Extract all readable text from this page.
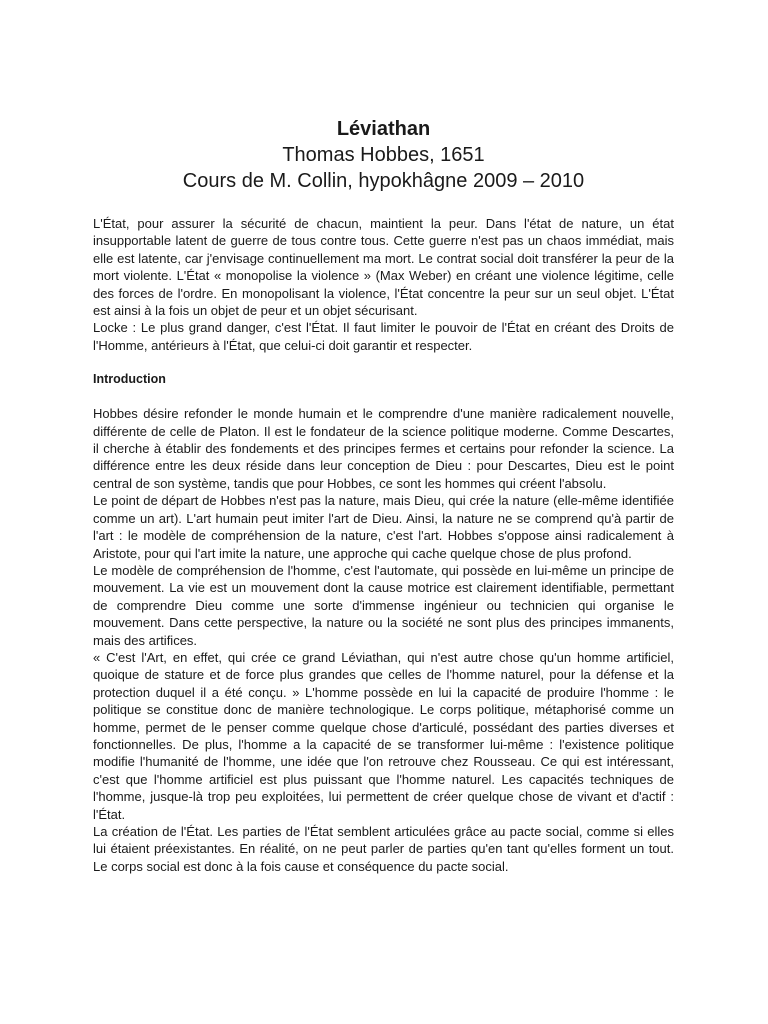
Léviathan
Thomas Hobbes, 1651
Cours de M. Collin, hypokhâgne 2009 – 2010

L'État, pour assurer la sécurité de chacun, maintient la peur. Dans l'état de nature, un état insupportable latent de guerre de tous contre tous. Cette guerre n'est pas un chaos immédiat, mais elle est latente, car j'envisage continuellement ma mort. Le contrat social doit transférer la peur de la mort violente. L'État « monopolise la violence » (Max Weber) en créant une violence légitime, celle des forces de l'ordre. En monopolisant la violence, l'État concentre la peur sur un seul objet. L'État est ainsi à la fois un objet de peur et un objet sécurisant.

Locke : Le plus grand danger, c'est l'État. Il faut limiter le pouvoir de l'État en créant des Droits de l'Homme, antérieurs à l'État, que celui-ci doit garantir et respecter.

Introduction

Hobbes désire refonder le monde humain et le comprendre d'une manière radicalement nouvelle, différente de celle de Platon. Il est le fondateur de la science politique moderne. Comme Descartes, il cherche à établir des fondements et des principes fermes et certains pour refonder la science. La différence entre les deux réside dans leur conception de Dieu : pour Descartes, Dieu est le point central de son système, tandis que pour Hobbes, ce sont les hommes qui créent l'absolu.

Le point de départ de Hobbes n'est pas la nature, mais Dieu, qui crée la nature (elle-même identifiée comme un art). L'art humain peut imiter l'art de Dieu. Ainsi, la nature ne se comprend qu'à partir de l'art : le modèle de compréhension de la nature, c'est l'art. Hobbes s'oppose ainsi radicalement à Aristote, pour qui l'art imite la nature, une approche qui cache quelque chose de plus profond.

Le modèle de compréhension de l'homme, c'est l'automate, qui possède en lui-même un principe de mouvement. La vie est un mouvement dont la cause motrice est clairement identifiable, permettant de comprendre Dieu comme une sorte d'immense ingénieur ou technicien qui organise le mouvement. Dans cette perspective, la nature ou la société ne sont plus des principes immanents, mais des artifices.

« C'est l'Art, en effet, qui crée ce grand Léviathan, qui n'est autre chose qu'un homme artificiel, quoique de stature et de force plus grandes que celles de l'homme naturel, pour la défense et la protection duquel il a été conçu. » L'homme possède en lui la capacité de produire l'homme : le politique se constitue donc de manière technologique. Le corps politique, métaphorisé comme un homme, permet de le penser comme quelque chose d'articulé, possédant des parties diverses et fonctionnelles. De plus, l'homme a la capacité de se transformer lui-même : l'existence politique modifie l'humanité de l'homme, une idée que l'on retrouve chez Rousseau. Ce qui est intéressant, c'est que l'homme artificiel est plus puissant que l'homme naturel. Les capacités techniques de l'homme, jusque-là trop peu exploitées, lui permettent de créer quelque chose de vivant et d'actif : l'État.

La création de l'État. Les parties de l'État semblent articulées grâce au pacte social, comme si elles lui étaient préexistantes. En réalité, on ne peut parler de parties qu'en tant qu'elles forment un tout. Le corps social est donc à la fois cause et conséquence du pacte social.
